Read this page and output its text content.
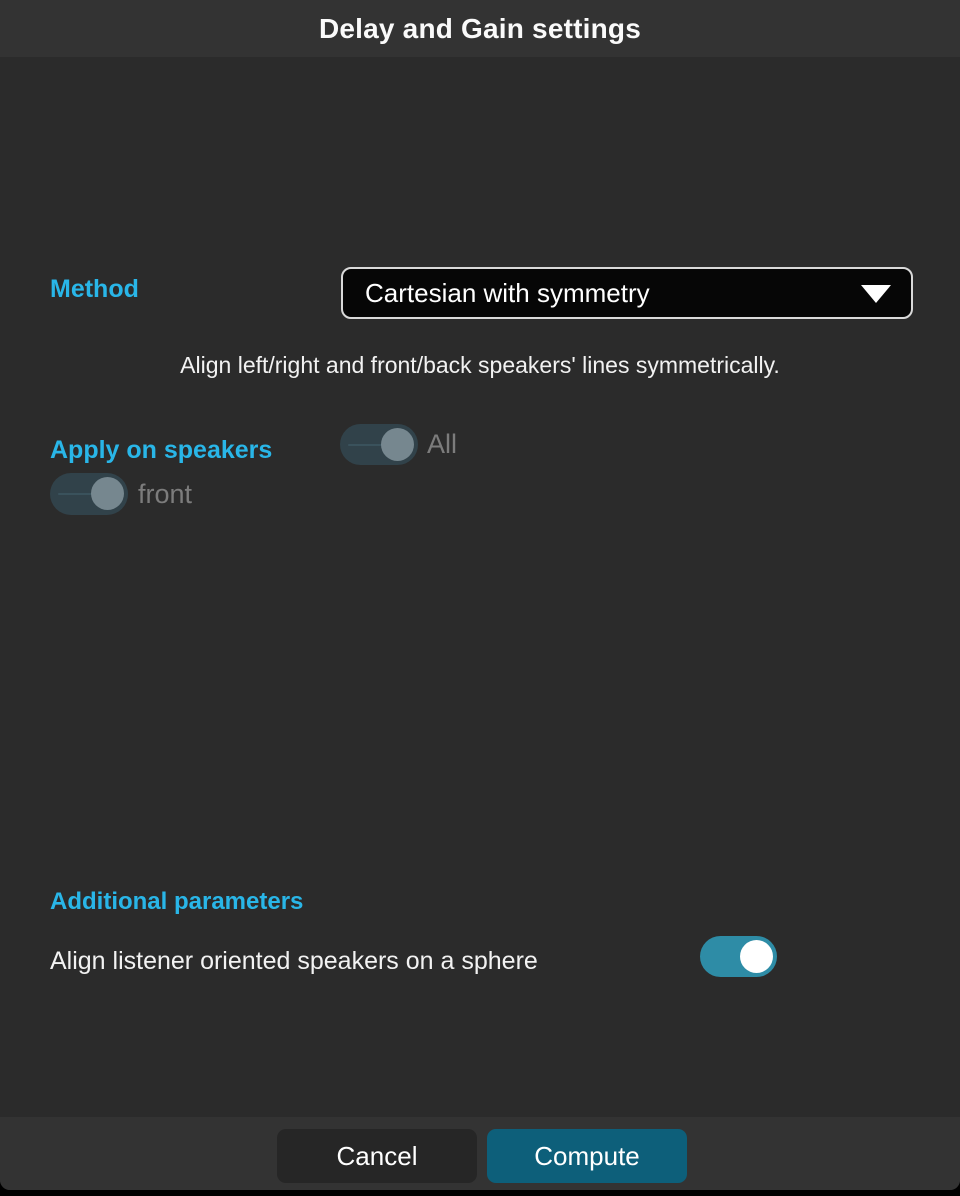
Delay and Gain settings
Method	Cartesian with symmetry
Align left/right and front/back speakers' lines symmetrically.
Apply on speakers	All
front
Additional parameters
Align listener oriented speakers on a sphere
Cancel	Compute
